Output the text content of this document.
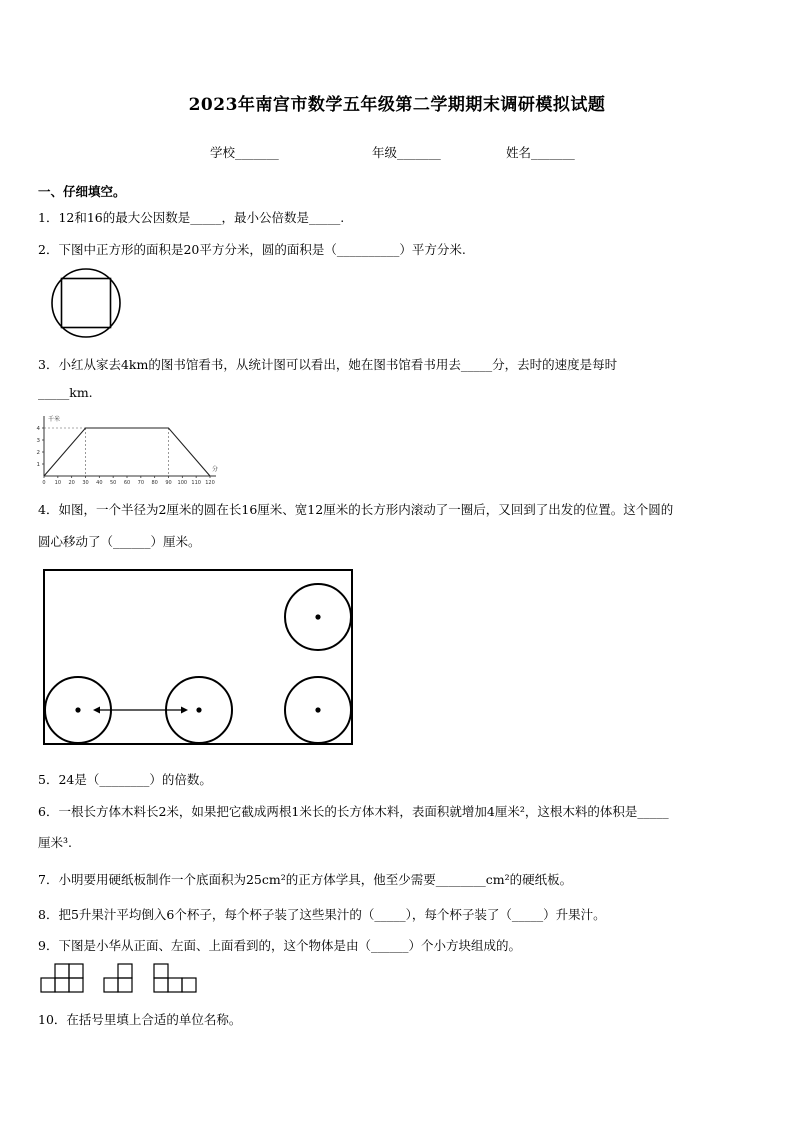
2023年南宫市数学五年级第二学期期末调研模拟试题
学校_______	年级_______	姓名_______
一、仔细填空。
1．12和16的最大公因数是_____，最小公倍数是_____.
2．下图中正方形的面积是20平方分米，圆的面积是（__________）平方分米.
3．小红从家去4km的图书馆看书，从统计图可以看出，她在图书馆看书用去_____分，去时的速度是每时
_____km.
千米
分
1
2
3
4
0 10 20 30 40 50 60 70 80 90 100 110 120
4．如图，一个半径为2厘米的圆在长16厘米、宽12厘米的长方形内滚动了一圈后，又回到了出发的位置。这个圆的
圆心移动了（______）厘米。
5．24是（________）的倍数。
6．一根长方体木料长2米，如果把它截成两根1米长的长方体木料，表面积就增加4厘米²，这根木料的体积是_____
厘米³.
7．小明要用硬纸板制作一个底面积为25cm²的正方体学具，他至少需要________cm²的硬纸板。
8．把5升果汁平均倒入6个杯子，每个杯子装了这些果汁的（_____），每个杯子装了（_____）升果汁。
9．下图是小华从正面、左面、上面看到的，这个物体是由（______）个小方块组成的。
10．在括号里填上合适的单位名称。
